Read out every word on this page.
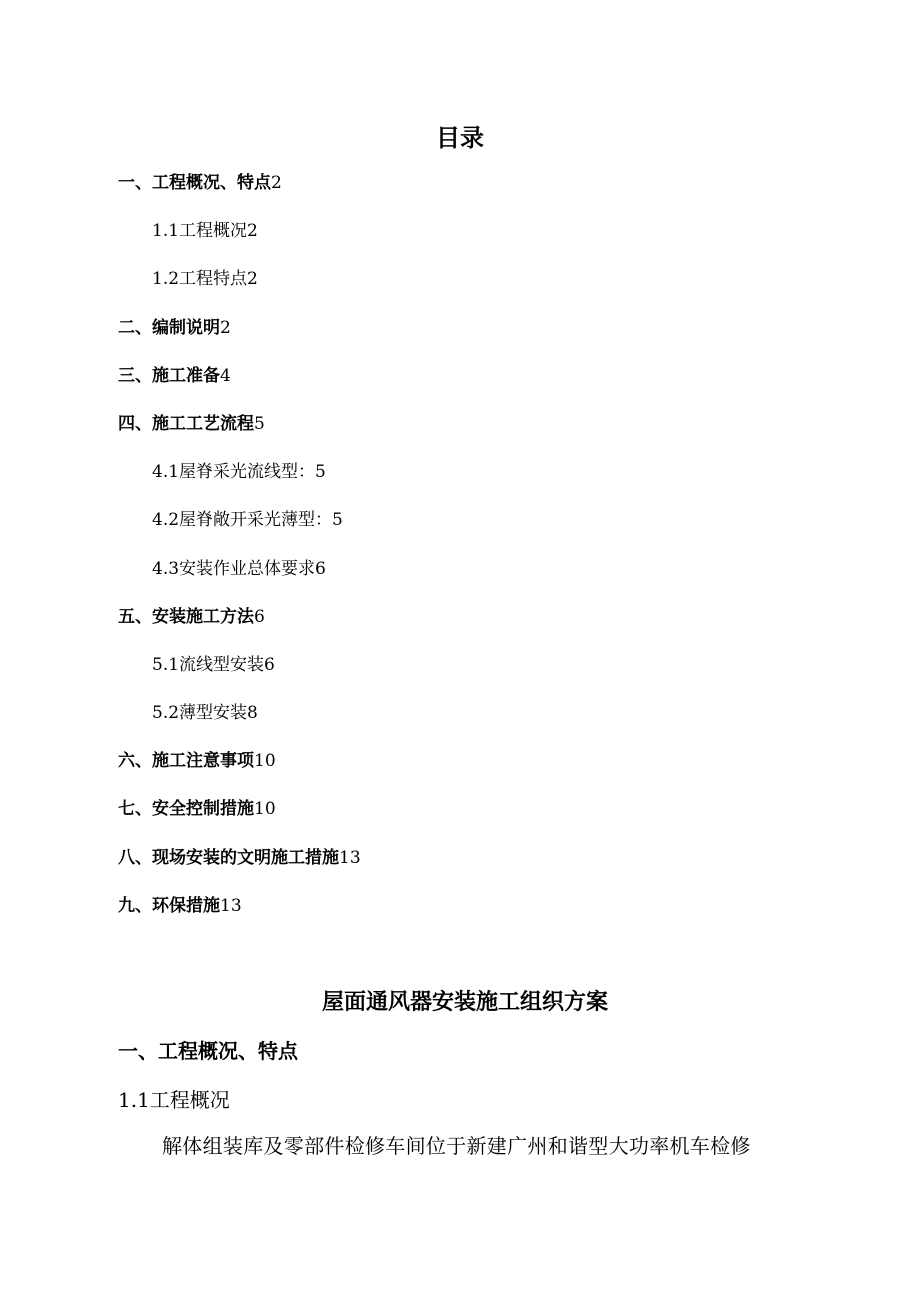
目录
一、工程概况、特点2
1.1工程概况2
1.2工程特点2
二、编制说明2
三、施工准备4
四、施工工艺流程5
4.1屋脊采光流线型：5
4.2屋脊敞开采光薄型：5
4.3安装作业总体要求6
五、安装施工方法6
5.1流线型安装6
5.2薄型安装8
六、施工注意事项10
七、安全控制措施10
八、现场安装的文明施工措施13
九、环保措施13
屋面通风器安装施工组织方案
一、工程概况、特点
1.1工程概况
解体组装库及零部件检修车间位于新建广州和谐型大功率机车检修
